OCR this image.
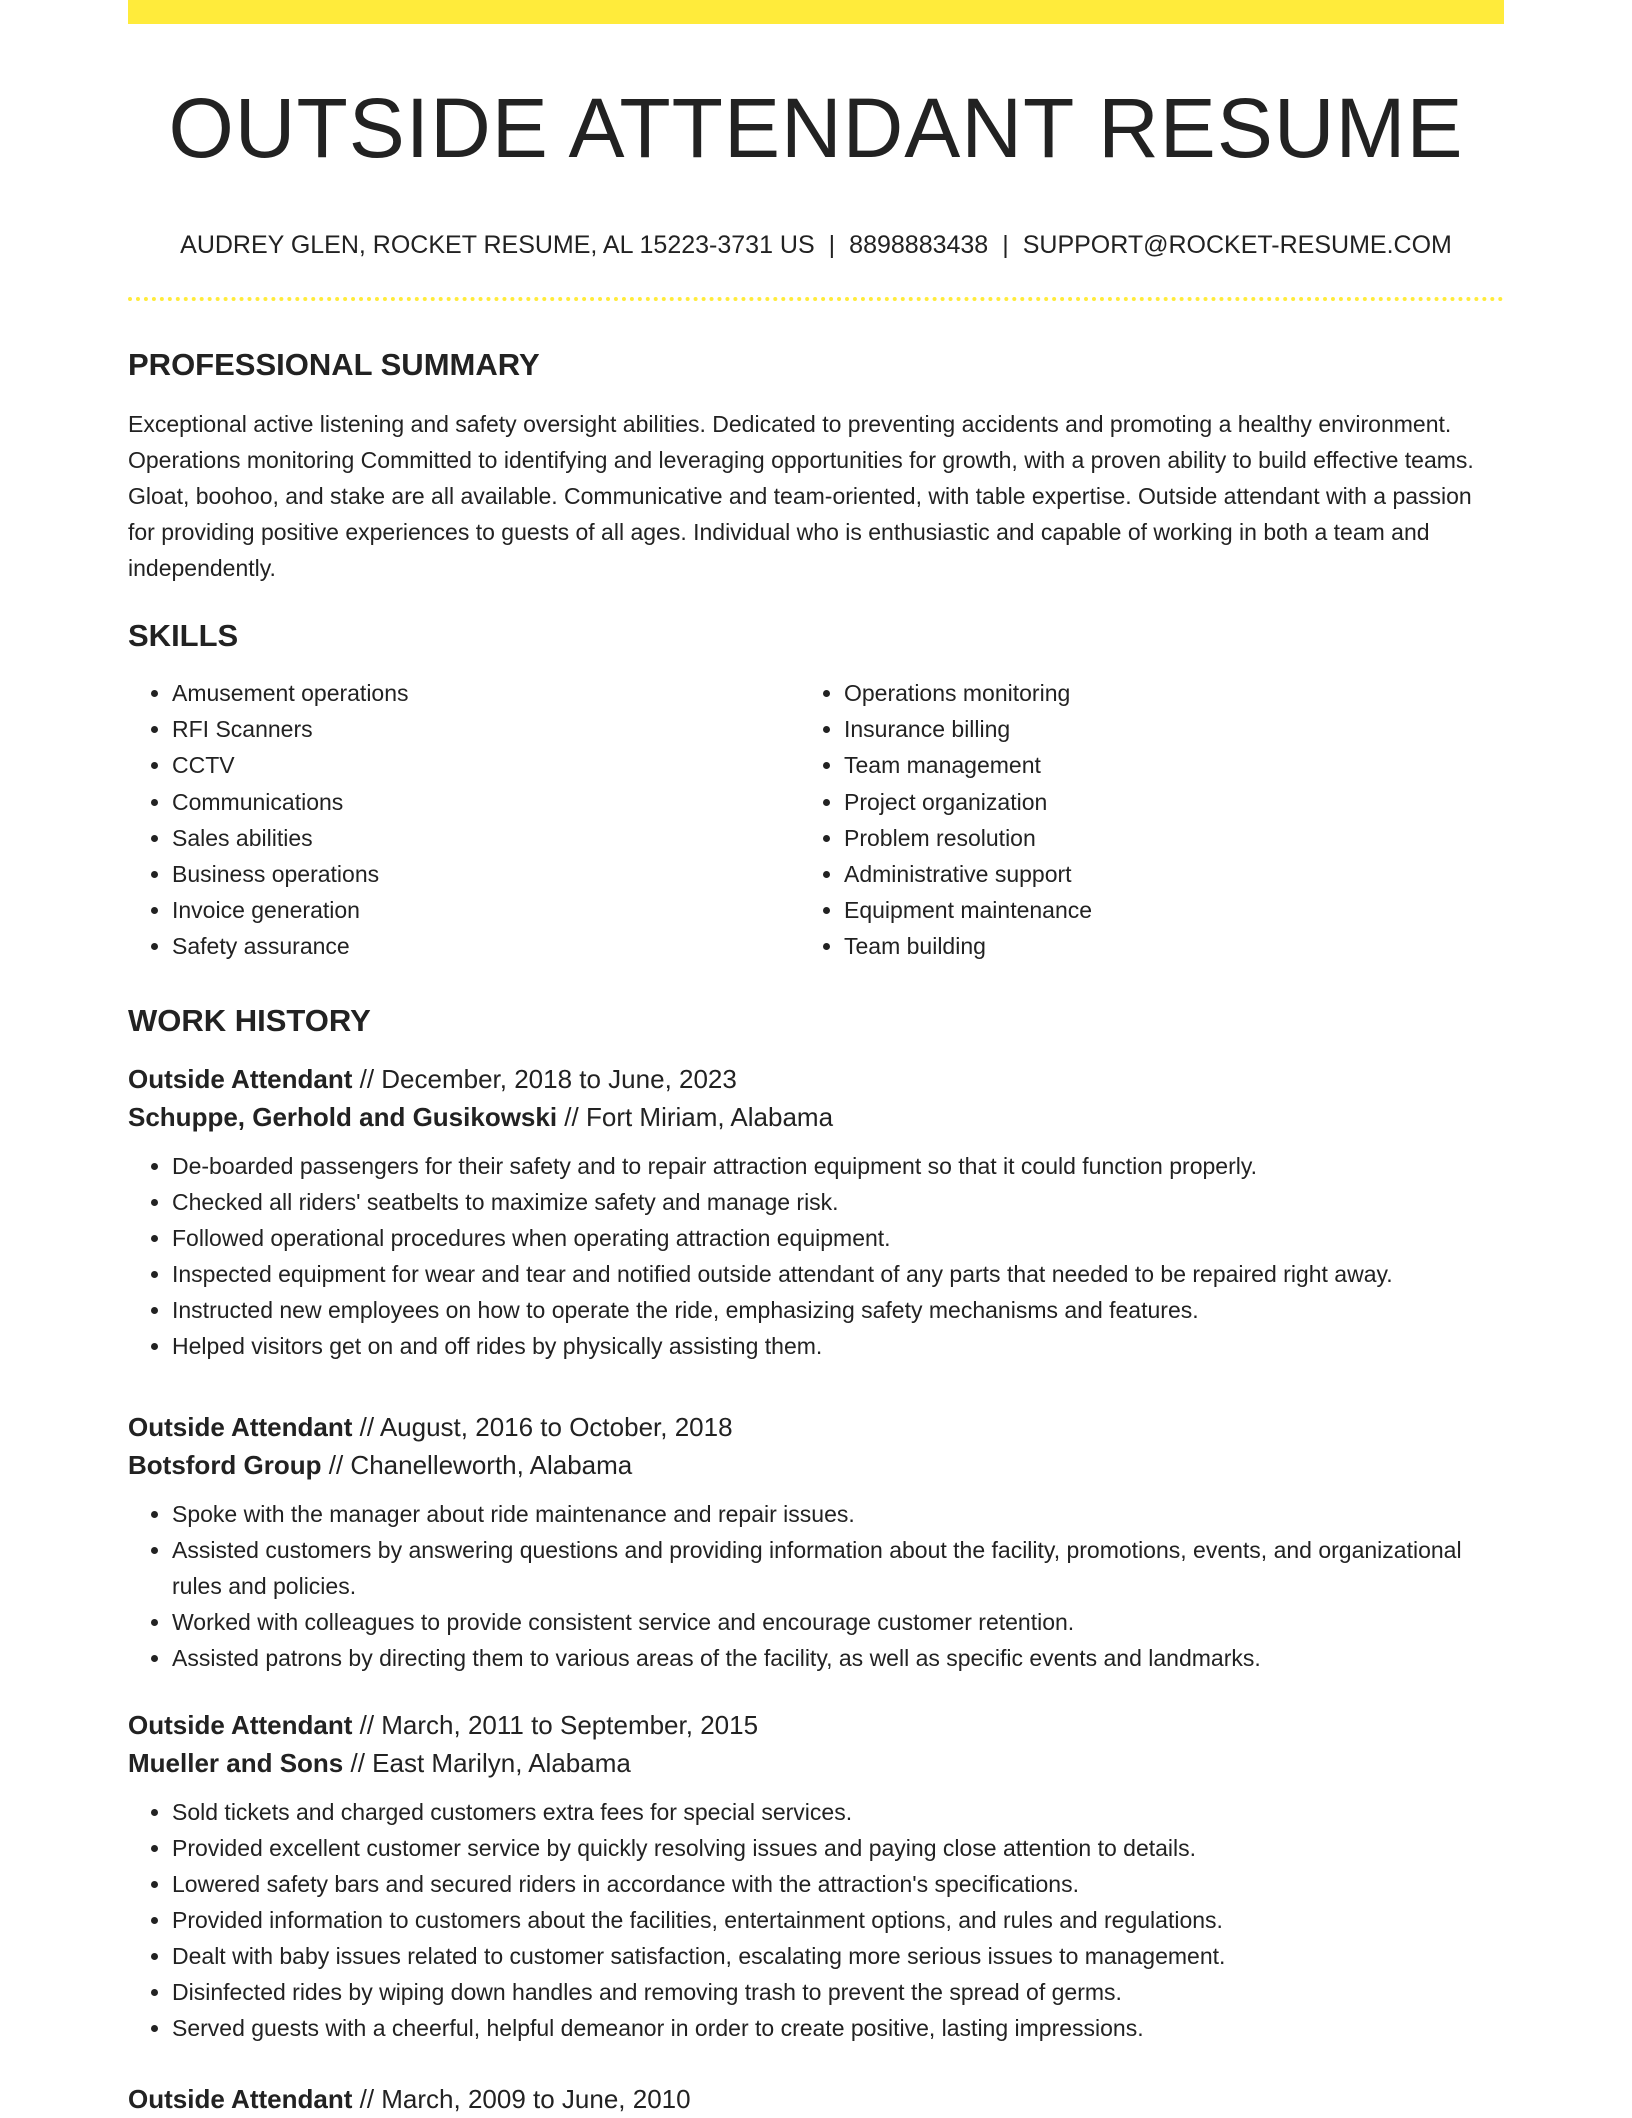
OUTSIDE ATTENDANT RESUME
AUDREY GLEN, ROCKET RESUME, AL 15223-3731 US | 8898883438 | SUPPORT@ROCKET-RESUME.COM
PROFESSIONAL SUMMARY

Exceptional active listening and safety oversight abilities. Dedicated to preventing accidents and promoting a healthy environment. Operations monitoring Committed to identifying and leveraging opportunities for growth, with a proven ability to build effective teams. Gloat, boohoo, and stake are all available. Communicative and team-oriented, with table expertise. Outside attendant with a passion for providing positive experiences to guests of all ages. Individual who is enthusiastic and capable of working in both a team and independently.

SKILLS
• Amusement operations
• RFI Scanners
• CCTV
• Communications
• Sales abilities
• Business operations
• Invoice generation
• Safety assurance
• Operations monitoring
• Insurance billing
• Team management
• Project organization
• Problem resolution
• Administrative support
• Equipment maintenance
• Team building
WORK HISTORY
Outside Attendant // December, 2018 to June, 2023
Schuppe, Gerhold and Gusikowski // Fort Miriam, Alabama
• De-boarded passengers for their safety and to repair attraction equipment so that it could function properly.
• Checked all riders' seatbelts to maximize safety and manage risk.
• Followed operational procedures when operating attraction equipment.
• Inspected equipment for wear and tear and notified outside attendant of any parts that needed to be repaired right away.
• Instructed new employees on how to operate the ride, emphasizing safety mechanisms and features.
• Helped visitors get on and off rides by physically assisting them.
Outside Attendant // August, 2016 to October, 2018
Botsford Group // Chanelleworth, Alabama
• Spoke with the manager about ride maintenance and repair issues.
• Assisted customers by answering questions and providing information about the facility, promotions, events, and organizational rules and policies.
• Worked with colleagues to provide consistent service and encourage customer retention.
• Assisted patrons by directing them to various areas of the facility, as well as specific events and landmarks.
Outside Attendant // March, 2011 to September, 2015
Mueller and Sons // East Marilyn, Alabama
• Sold tickets and charged customers extra fees for special services.
• Provided excellent customer service by quickly resolving issues and paying close attention to details.
• Lowered safety bars and secured riders in accordance with the attraction's specifications.
• Provided information to customers about the facilities, entertainment options, and rules and regulations.
• Dealt with baby issues related to customer satisfaction, escalating more serious issues to management.
• Disinfected rides by wiping down handles and removing trash to prevent the spread of germs.
• Served guests with a cheerful, helpful demeanor in order to create positive, lasting impressions.
Outside Attendant // March, 2009 to June, 2010
